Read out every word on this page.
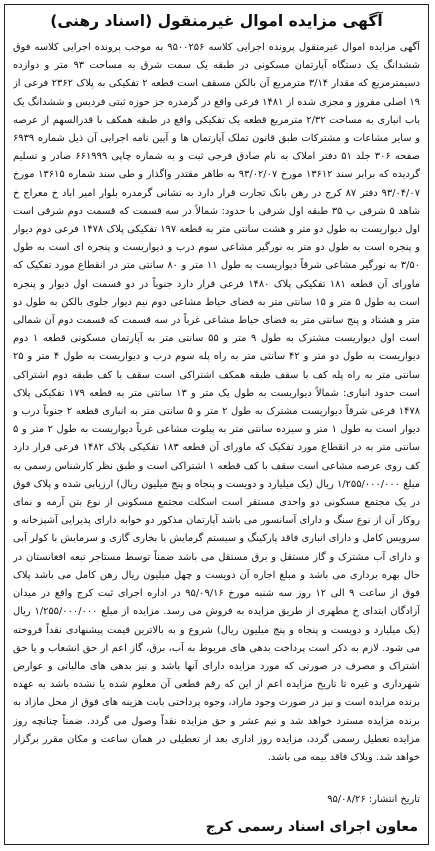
آگهی مزایده اموال غیرمنقول (اسناد رهنی)
آگهی مزایده اموال غیرمنقول پرونده اجرایی کلاسه ۹۵۰۰۲۵۶ به موجب پرونده اجرایی کلاسه فوق ششدانگ یک دستگاه آپارتمان مسکونی در طبقه یک سمت شرق به مساحت ۹۳ متر و دوازده دسیمترمربع که مقدار ۳/۱۴ مترمربع آن بالکن مسقف است قطعه ۲ تفکیکی به پلاک ۲۳۶۲ فرعی از ۱۹ اصلی مفروز و مجزی شده از ۱۴۸۱ فرعی واقع در گرمدره جز حوزه ثبتی فردیس و ششدانگ یک باب انباری به مساحت ۲/۳۲ مترمربع قطعه یک تفکیکی واقع در طبقه همکف با قدرالسهم از عرصه و سایر مشاعات و مشترکات طبق قانون تملک آپارتمان ها و آیین نامه اجرایی آن ذیل شماره ۶۹۳۹ صفحه ۳۰۶ جلد ۵۱ دفتر املاک به نام صادق فرجی ثبت و به شماره چاپی ۶۶۱۹۹۹ صادر و تسلیم گردیده که برابر سند ۱۳۶۱۲ مورخ ۹۳/۰۲/۰۷ به طاهر مقتدر واگذار و طی سند شماره ۱۳۶۱۵ مورخ ۹۳/۰۴/۰۷ دفتر ۸۷ کرج در رهن بانک تجارت قرار دارد به نشانی گرمدره بلوار امیر اباد خ معراج خ شاهد ۵ شرقی پ ۳۵ طبقه اول شرقی با حدود: شمالاً در سه قسمت که قسمت دوم شرقی است اول دیواریست به طول دو متر و هشت سانتی متر به قطعه ۱۹۷ تفکیکی پلاک ۱۴۷۸ فرعی دوم دیوار و پنجره است به طول دو متر به نورگیر مشاعی سوم درب و دیواریست و پنجره ای است به طول ۳/۵۰ به نورگیر مشاعی شرقاً دیواریست به طول ۱۱ متر و ۸۰ سانتی متر در انقطاع مورد تفکیک که ماورای آن قطعه ۱۸۱ تفکیکی پلاک ۱۴۸۰ فرعی قرار دارد جنوباً در دو قسمت اول دیوار و پنجره است به طول ۵ متر و ۱۵ سانتی متر به فضای حیاط مشاعی دوم نیم دیوار جلوی بالکن به طول دو متر و هشتاد و پنج سانتی متر به فضای حیاط مشاعی غرباً در سه قسمت که قسمت دوم آن شمالی است اول دیواریست مشترک به طول ۹ متر و ۵۵ سانتی متر به آپارتمان مسکونی قطعه ۱ دوم دیواریست به طول دو متر و ۴۲ سانتی متر به راه پله سوم درب و دیواریست به طول ۴ متر و ۲۵ سانتی متر به راه پله کف با سقف طبقه همکف اشتراکی است سقف با کف طبقه دوم اشتراکی است حدود انباری: شمالاً دیواریست به طول یک متر و ۱۳ سانتی متر به قطعه ۱۷۹ تفکیکی پلاک ۱۴۷۸ فرعی شرقاً دیواریست مشترک به طول ۲ متر و ۵ سانتی متر به انباری قطعه ۲ جنوباً درب و دیوار است به طول ۱ متر و سیزده سانتی متر به پیلوت مشاعی غرباً دیواریست به طول ۲ متر و ۵ سانتی متر به در انقطاع مورد تفکیک که ماورای آن قطعه ۱۸۳ تفکیکی پلاک ۱۴۸۲ فرعی قرار دارد کف روی عرصه مشاعی است سقف با کف قطعه ۱ اشتراکی است و طبق نظر کارشناس رسمی به مبلغ ۱/۲۵۵/۰۰۰/۰۰۰ ریال (یک میلیارد و دویست و پنجاه و پنج میلیون ریال) ارزیابی شده و پلاک فوق در یک مجتمع مسکونی دو واحدی مستقر است اسکلت مجتمع مسکونی از نوع بتن آرمه و نمای روکار آن از نوع سنگ و دارای آسانسور می باشد آپارتمان مذکور دو خوابه دارای پذیرایی آشپزخانه و سرویس کامل و دارای انباری فاقد پارکینگ و سیستم گرمایش با بخاری گازی و سرمایش با کولر آبی و دارای آب مشترک و گاز مستقل و برق مستقل می باشد ضمناً توسط مستاجر تبعه افغانستان در حال بهره برداری می باشد و مبلغ اجاره آن دویست و چهل میلیون ریال رهن کامل می باشد پلاک فوق از ساعت ۹ الی ۱۲ روز سه شنبه مورخ ۹۵/۰۹/۱۶ در اداره اجرای ثبت کرج واقع در میدان آزادگان ابتدای خ مطهری از طریق مزایده به فروش می رسد. مزایده از مبلغ ۱/۲۵۵/۰۰۰/۰۰۰ ریال (یک میلیارد و دویست و پنجاه و پنج میلیون ریال) شروع و به بالاترین قیمت پیشنهادی نقداً فروخته می شود. لازم به ذکر است پرداخت بدهی های مربوط به آب، برق، گاز اعم از حق انشعاب و یا حق اشتراک و مصرف در صورتی که مورد مزایده دارای آنها باشد و نیز بدهی های مالیاتی و عوارض شهرداری و غیره تا تاریخ مزایده اعم از این که رقم قطعی آن معلوم شده یا نشده باشد به عهده برنده مزایده است و نیز در صورت وجود مازاد، وجوه پرداختی بابت هزینه های فوق از محل مازاد به برنده مزایده مسترد خواهد شد و نیم عشر و حق مزایده نقداً وصول می گردد. ضمناً چنانچه روز مزایده تعطیل رسمی گردد، مزایده روز اداری بعد از تعطیلی در همان ساعت و مکان مقرر برگزار خواهد شد. ویلاک فاقد بیمه می باشد.
تاریخ انتشار: ۹۵/۰۸/۲۶
معاون اجرای اسناد رسمی کرج
